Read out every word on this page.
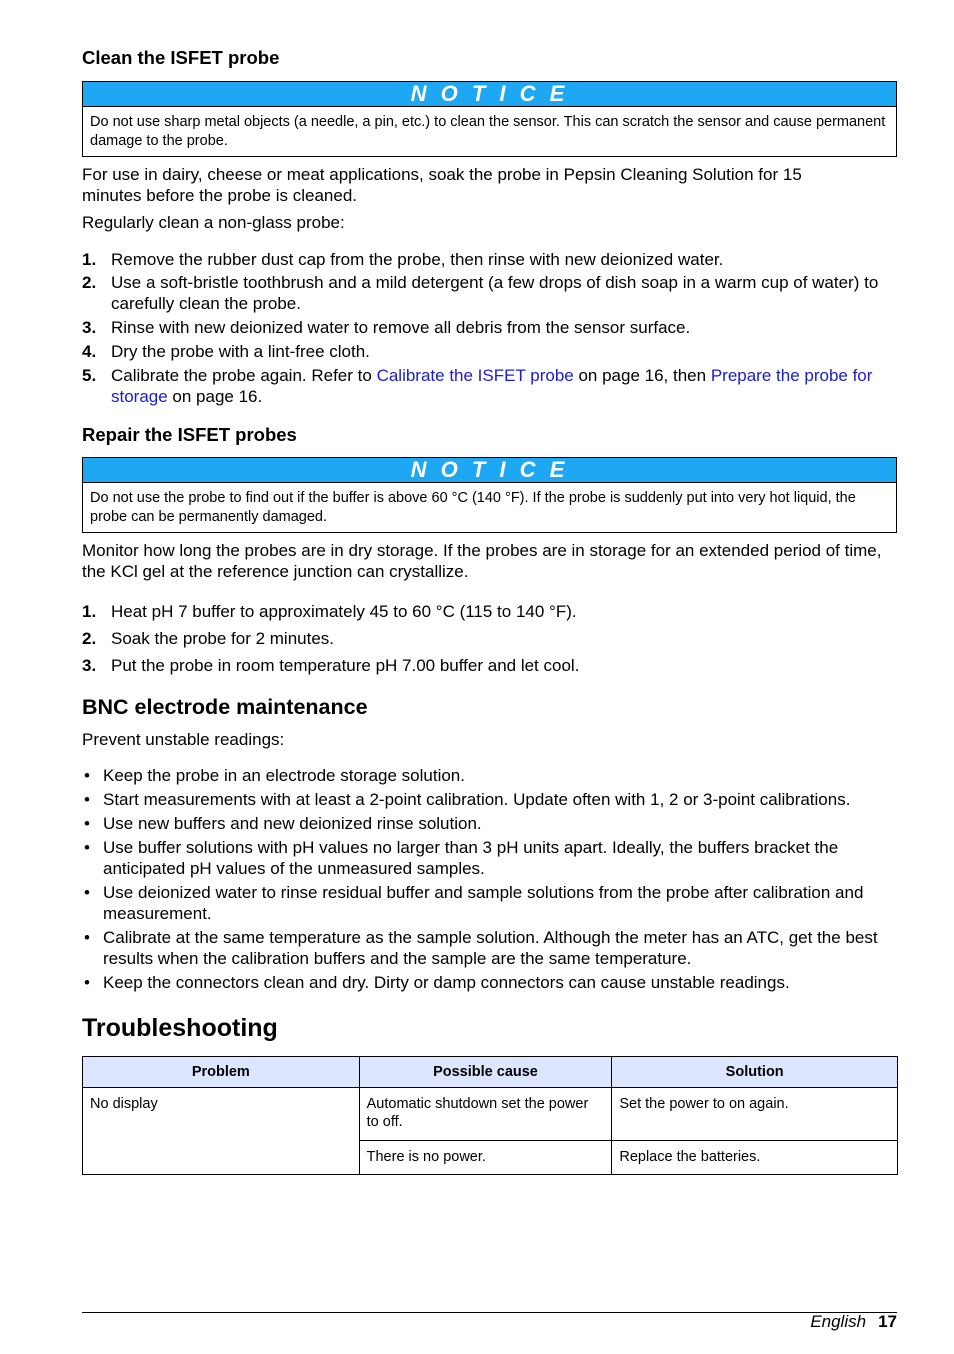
Clean the ISFET probe
N O T I C E
Do not use sharp metal objects (a needle, a pin, etc.) to clean the sensor. This can scratch the sensor and cause permanent damage to the probe.

For use in dairy, cheese or meat applications, soak the probe in Pepsin Cleaning Solution for 15 minutes before the probe is cleaned.

Regularly clean a non-glass probe:

1. Remove the rubber dust cap from the probe, then rinse with new deionized water.
2. Use a soft-bristle toothbrush and a mild detergent (a few drops of dish soap in a warm cup of water) to carefully clean the probe.
3. Rinse with new deionized water to remove all debris from the sensor surface.
4. Dry the probe with a lint-free cloth.
5. Calibrate the probe again. Refer to Calibrate the ISFET probe on page 16, then Prepare the probe for storage on page 16.
Repair the ISFET probes
N O T I C E
Do not use the probe to find out if the buffer is above 60 °C (140 °F). If the probe is suddenly put into very hot liquid, the probe can be permanently damaged.

Monitor how long the probes are in dry storage. If the probes are in storage for an extended period of time, the KCl gel at the reference junction can crystallize.

1. Heat pH 7 buffer to approximately 45 to 60 °C (115 to 140 °F).
2. Soak the probe for 2 minutes.
3. Put the probe in room temperature pH 7.00 buffer and let cool.
BNC electrode maintenance

Prevent unstable readings:

• Keep the probe in an electrode storage solution.
• Start measurements with at least a 2-point calibration. Update often with 1, 2 or 3-point calibrations.
• Use new buffers and new deionized rinse solution.
• Use buffer solutions with pH values no larger than 3 pH units apart. Ideally, the buffers bracket the anticipated pH values of the unmeasured samples.
• Use deionized water to rinse residual buffer and sample solutions from the probe after calibration and measurement.
• Calibrate at the same temperature as the sample solution. Although the meter has an ATC, get the best results when the calibration buffers and the sample are the same temperature.
• Keep the connectors clean and dry. Dirty or damp connectors can cause unstable readings.
Troubleshooting
Problem	Possible cause	Solution
No display	Automatic shutdown set the power to off.	Set the power to on again.
	There is no power.	Replace the batteries.
English 17
